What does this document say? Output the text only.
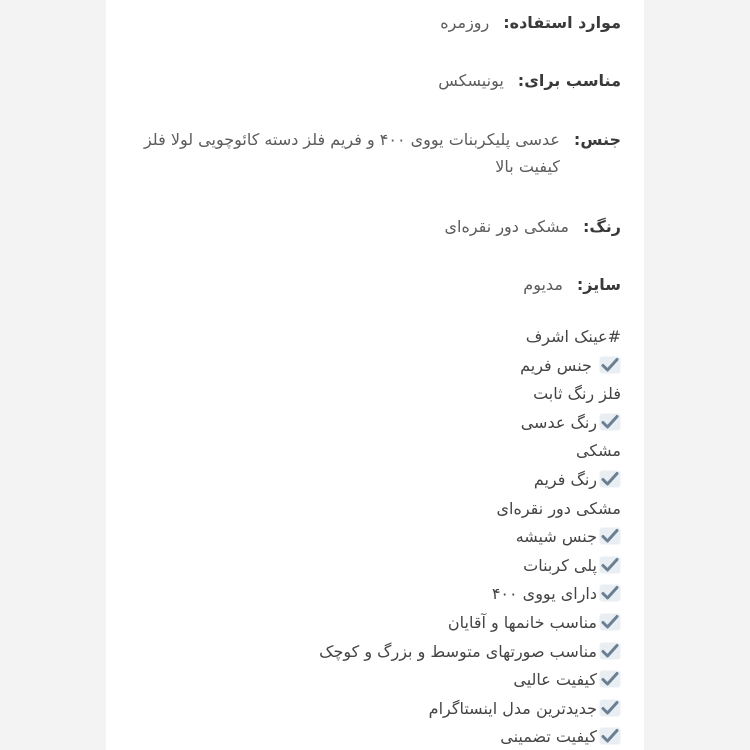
موارد استفاده:
روزمره
مناسب برای:
یونیسکس
جنس:
عدسی پلیکربنات یووی ۴۰۰ و فریم فلز دسته کائوچویی لولا فلز کیفیت بالا
رنگ:
مشکی دور نقره‌ای
سایز:
مدیوم
#عینک اشرف
جنس فریم
فلز رنگ ثابت
رنگ عدسی
مشکی
رنگ فریم
مشکی دور نقره‌ای
جنس شیشه
پلی کربنات
دارای یووی ۴۰۰
مناسب خانمها و آقایان
مناسب صورتهای متوسط و بزرگ و کوچک
کیفیت عالیی
جدیدترین مدل اینستاگرام
کیفیت تضمینی
